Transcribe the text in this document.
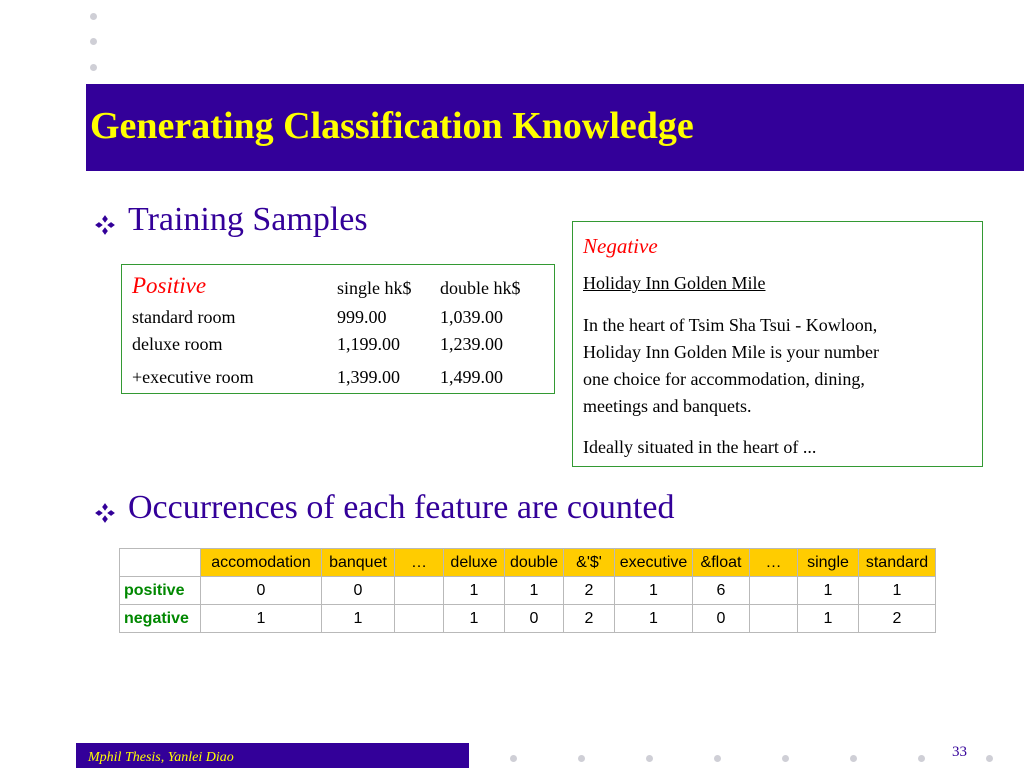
Generating Classification Knowledge
Training Samples
Positive	single hk$ double hk$
standard room	999.00	1,039.00
deluxe room	1,199.00 1,239.00
+executive room	1,399.00 1,499.00
Negative
Holiday Inn Golden Mile
In the heart of Tsim Sha Tsui - Kowloon,
Holiday Inn Golden Mile is your number
one choice for accommodation, dining,
meetings and banquets.
Ideally situated in the heart of ...
Occurrences of each feature are counted
	accomodation	banquet	…	deluxe	double	&'$'	executive	&float	…	single	standard
positive	0	0		1	1	2	1	6		1	1
negative	1	1		1	0	2	1	0		1	2
Mphil Thesis, Yanlei Diao	33
